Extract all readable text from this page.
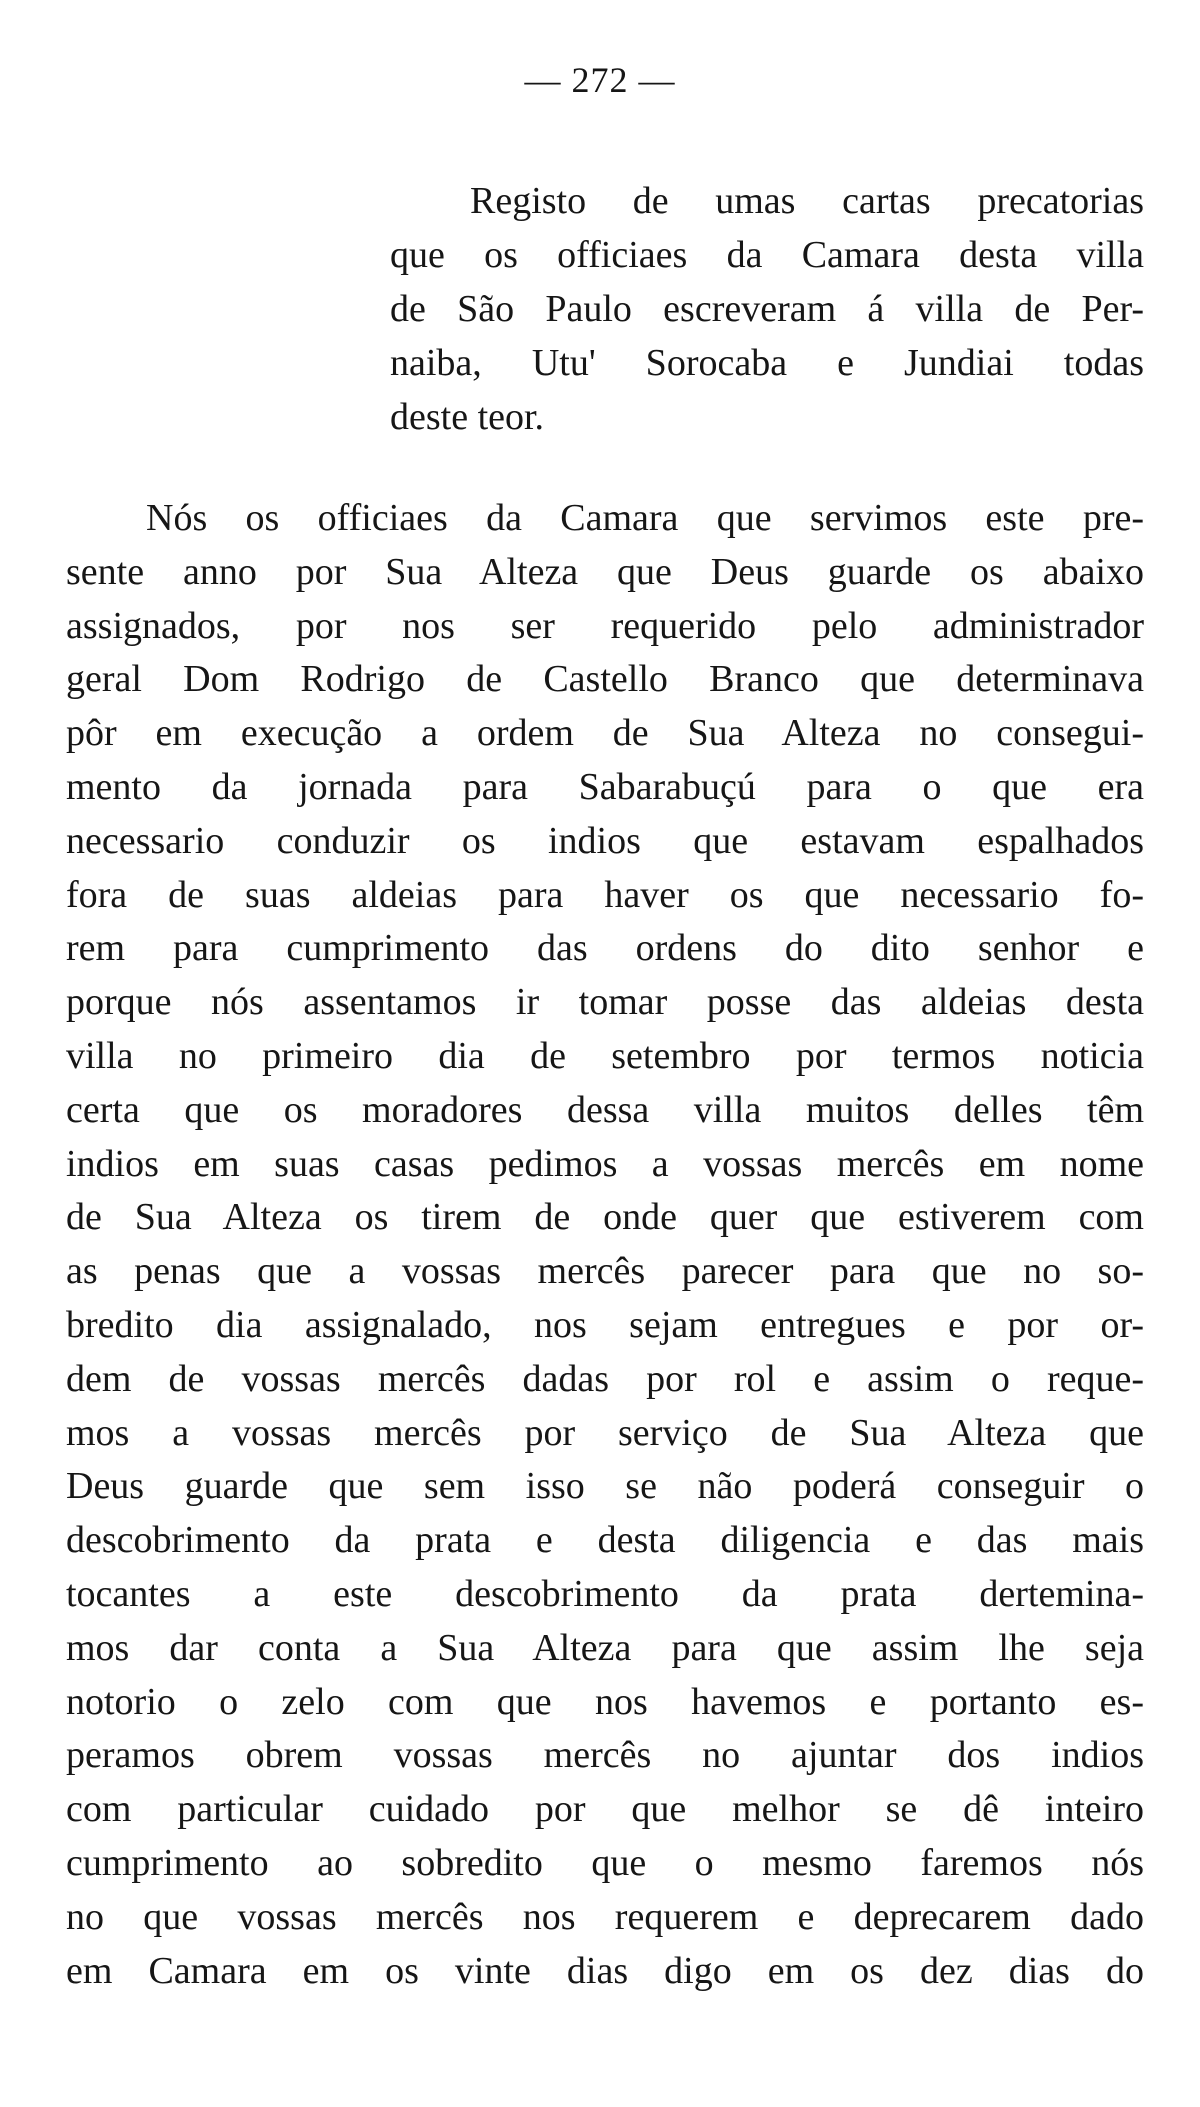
— 272 —
Registo de umas cartas precatorias
que os officiaes da Camara desta villa
de São Paulo escreveram á villa de Per-
naiba, Utu' Sorocaba e Jundiai todas
deste teor.
Nós os officiaes da Camara que servimos este pre-
sente anno por Sua Alteza que Deus guarde os abaixo
assignados, por nos ser requerido pelo administrador
geral Dom Rodrigo de Castello Branco que determinava
pôr em execução a ordem de Sua Alteza no consegui-
mento da jornada para Sabarabuçú para o que era
necessario conduzir os indios que estavam espalhados
fora de suas aldeias para haver os que necessario fo-
rem para cumprimento das ordens do dito senhor e
porque nós assentamos ir tomar posse das aldeias desta
villa no primeiro dia de setembro por termos noticia
certa que os moradores dessa villa muitos delles têm
indios em suas casas pedimos a vossas mercês em nome
de Sua Alteza os tirem de onde quer que estiverem com
as penas que a vossas mercês parecer para que no so-
bredito dia assignalado, nos sejam entregues e por or-
dem de vossas mercês dadas por rol e assim o reque-
mos a vossas mercês por serviço de Sua Alteza que
Deus guarde que sem isso se não poderá conseguir o
descobrimento da prata e desta diligencia e das mais
tocantes a este descobrimento da prata dertemina-
mos dar conta a Sua Alteza para que assim lhe seja
notorio o zelo com que nos havemos e portanto es-
peramos obrem vossas mercês no ajuntar dos indios
com particular cuidado por que melhor se dê inteiro
cumprimento ao sobredito que o mesmo faremos nós
no que vossas mercês nos requerem e deprecarem dado
em Camara em os vinte dias digo em os dez dias do
